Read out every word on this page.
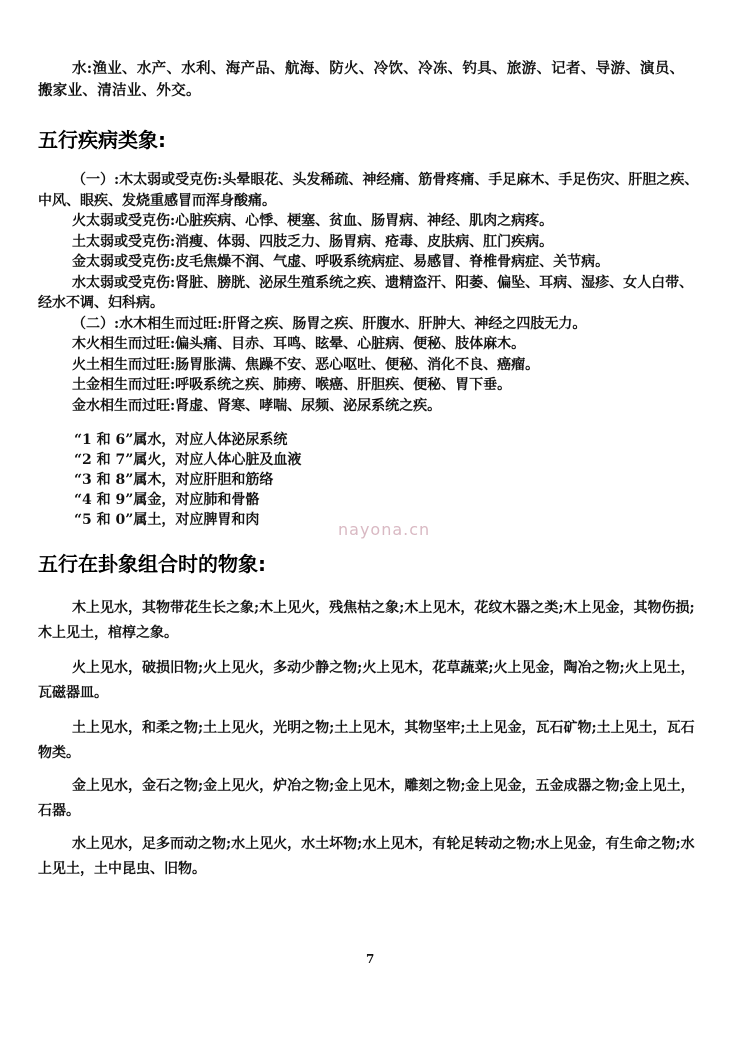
水:渔业、水产、水利、海产品、航海、防火、冷饮、冷冻、钓具、旅游、记者、导游、演员、搬家业、清洁业、外交。

五行疾病类象:

（一）:木太弱或受克伤:头晕眼花、头发稀疏、神经痛、筋骨疼痛、手足麻木、手足伤灾、肝胆之疾、中风、眼疾、发烧重感冒而浑身酸痛。

火太弱或受克伤:心脏疾病、心悸、梗塞、贫血、肠胃病、神经、肌肉之病疼。

土太弱或受克伤:消瘦、体弱、四肢乏力、肠胃病、疮毒、皮肤病、肛门疾病。

金太弱或受克伤:皮毛焦燥不润、气虚、呼吸系统病症、易感冒、脊椎骨病症、关节病。

水太弱或受克伤:肾脏、膀胱、泌尿生殖系统之疾、遗精盗汗、阳萎、偏坠、耳病、湿疹、女人白带、经水不调、妇科病。

（二）:水木相生而过旺:肝肾之疾、肠胃之疾、肝腹水、肝肿大、神经之四肢无力。

木火相生而过旺:偏头痛、目赤、耳鸣、眩晕、心脏病、便秘、肢体麻木。

火土相生而过旺:肠胃胀满、焦躁不安、恶心呕吐、便秘、消化不良、癌瘤。

土金相生而过旺:呼吸系统之疾、肺痨、喉癌、肝胆疾、便秘、胃下垂。

金水相生而过旺:肾虚、肾寒、哮喘、尿频、泌尿系统之疾。

“1 和 6”属水，对应人体泌尿系统

“2 和 7”属火，对应人体心脏及血液

“3 和 8”属木，对应肝胆和筋络

“4 和 9”属金，对应肺和骨骼

“5 和 0”属土，对应脾胃和肉	nayona.cn
五行在卦象组合时的物象:

木上见水，其物带花生长之象;木上见火，残焦枯之象;木上见木，花纹木器之类;木上见金，其物伤损;木上见土，棺椁之象。

火上见水，破损旧物;火上见火，多动少静之物;火上见木，花草蔬菜;火上见金，陶冶之物;火上见土，瓦磁器皿。

土上见水，和柔之物;土上见火，光明之物;土上见木，其物坚牢;土上见金，瓦石矿物;土上见土，瓦石物类。

金上见水，金石之物;金上见火，炉冶之物;金上见木，雕刻之物;金上见金，五金成器之物;金上见土，石器。

水上见水，足多而动之物;水上见火，水土坏物;水上见木，有轮足转动之物;水上见金，有生命之物;水上见土，土中昆虫、旧物。

7
